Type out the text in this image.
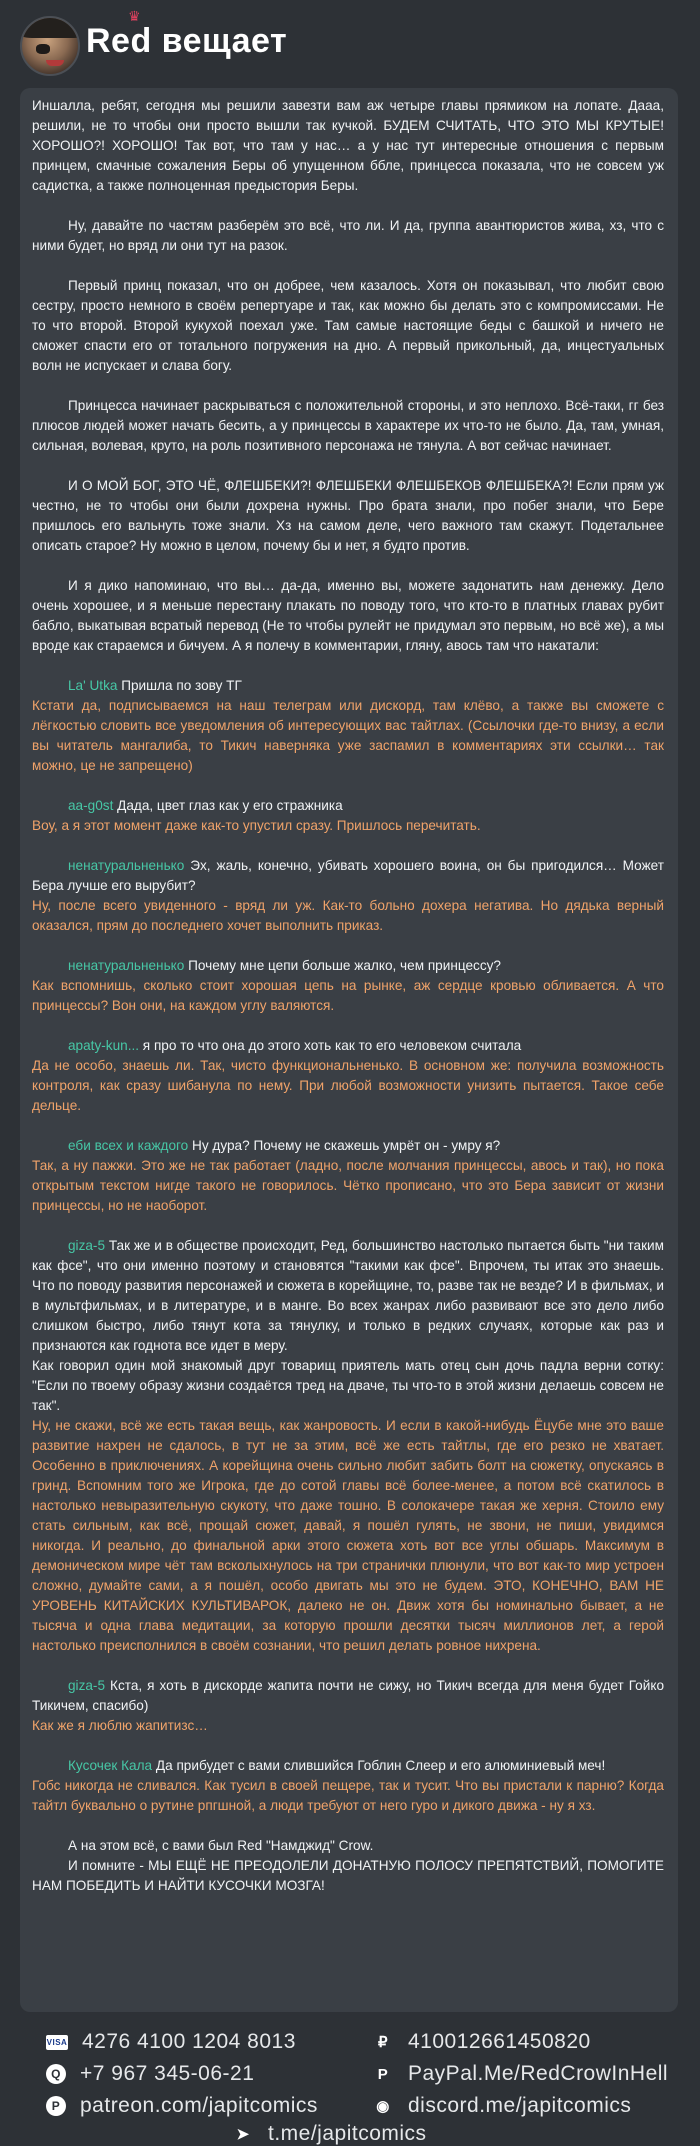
♛
Red вещает

Иншалла, ребят, сегодня мы решили завезти вам аж четыре главы прямиком на лопате. Дааа, решили, не то чтобы они просто вышли так кучкой. БУДЕМ СЧИТАТЬ, ЧТО ЭТО МЫ КРУТЫЕ! ХОРОШО?! ХОРОШО! Так вот, что там у нас… а у нас тут интересные отношения с первым принцем, смачные сожаления Беры об упущенном ббле, принцесса показала, что не совсем уж садистка, а также полноценная предыстория Беры.

Ну, давайте по частям разберём это всё, что ли. И да, группа авантюристов жива, хз, что с ними будет, но вряд ли они тут на разок.

Первый принц показал, что он добрее, чем казалось. Хотя он показывал, что любит свою сестру, просто немного в своём репертуаре и так, как можно бы делать это с компромиссами. Не то что второй. Второй кукухой поехал уже. Там самые настоящие беды с башкой и ничего не сможет спасти его от тотального погружения на дно. А первый прикольный, да, инцестуальных волн не испускает и слава богу.

Принцесса начинает раскрываться с положительной стороны, и это неплохо. Всё-таки, гг без плюсов людей может начать бесить, а у принцессы в характере их что-то не было. Да, там, умная, сильная, волевая, круто, на роль позитивного персонажа не тянула. А вот сейчас начинает.

И О МОЙ БОГ, ЭТО ЧЁ, ФЛЕШБЕКИ?! ФЛЕШБЕКИ ФЛЕШБЕКОВ ФЛЕШБЕКА?! Если прям уж честно, не то чтобы они были дохрена нужны. Про брата знали, про побег знали, что Бере пришлось его вальнуть тоже знали. Хз на самом деле, чего важного там скажут. Подетальнее описать старое? Ну можно в целом, почему бы и нет, я будто против.

И я дико напоминаю, что вы… да-да, именно вы, можете задонатить нам денежку. Дело очень хорошее, и я меньше перестану плакать по поводу того, что кто-то в платных главах рубит бабло, выкатывая всратый перевод (Не то чтобы рулейт не придумал это первым, но всё же), а мы вроде как стараемся и бичуем. А я полечу в комментарии, гляну, авось там что накатали:

La' Utka Пришла по зову ТГ

Кстати да, подписываемся на наш телеграм или дискорд, там клёво, а также вы сможете с лёгкостью словить все уведомления об интересующих вас тайтлах. (Ссылочки где-то внизу, а если вы читатель мангалиба, то Тикич наверняка уже заспамил в комментариях эти ссылки… так можно, це не запрещено)

aa-g0st Дада, цвет глаз как у его стражника

Воу, а я этот момент даже как-то упустил сразу. Пришлось перечитать.

ненатуральненько Эх, жаль, конечно, убивать хорошего воина, он бы пригодился… Может Бера лучше его вырубит?

Ну, после всего увиденного - вряд ли уж. Как-то больно дохера негатива. Но дядька верный оказался, прям до последнего хочет выполнить приказ.

ненатуральненько Почему мне цепи больше жалко, чем принцессу?

Как вспомнишь, сколько стоит хорошая цепь на рынке, аж сердце кровью обливается. А что принцессы? Вон они, на каждом углу валяются.

apaty-kun... я про то что она до этого хоть как то его человеком считала

Да не особо, знаешь ли. Так, чисто функциональненько. В основном же: получила возможность контроля, как сразу шибанула по нему. При любой возможности унизить пытается. Такое себе дельце.

еби всех и каждого Ну дура? Почему не скажешь умрёт он - умру я?

Так, а ну пажжи. Это же не так работает (ладно, после молчания принцессы, авось и так), но пока открытым текстом нигде такого не говорилось. Чётко прописано, что это Бера зависит от жизни принцессы, но не наоборот.

giza-5 Так же и в обществе происходит, Ред, большинство настолько пытается быть "ни таким как фсе", что они именно поэтому и становятся "такими как фсе". Впрочем, ты итак это знаешь. Что по поводу развития персонажей и сюжета в корейщине, то, разве так не везде? И в фильмах, и в мультфильмах, и в литературе, и в манге. Во всех жанрах либо развивают все это дело либо слишком быстро, либо тянут кота за тянулку, и только в редких случаях, которые как раз и признаются как годнота все идет в меру.

Как говорил один мой знакомый друг товарищ приятель мать отец сын дочь падла верни сотку: "Если по твоему образу жизни создаётся тред на дваче, ты что-то в этой жизни делаешь совсем не так".

Ну, не скажи, всё же есть такая вещь, как жанровость. И если в какой-нибудь Ёцубе мне это ваше развитие нахрен не сдалось, в тут не за этим, всё же есть тайтлы, где его резко не хватает. Особенно в приключениях. А корейщина очень сильно любит забить болт на сюжетку, опускаясь в гринд. Вспомним того же Игрока, где до сотой главы всё более-менее, а потом всё скатилось в настолько невыразительную скукоту, что даже тошно. В солокачере такая же херня. Стоило ему стать сильным, как всё, прощай сюжет, давай, я пошёл гулять, не звони, не пиши, увидимся никогда. И реально, до финальной арки этого сюжета хоть вот все углы обшарь. Максимум в демоническом мире чёт там всколыхнулось на три странички плюнули, что вот как-то мир устроен сложно, думайте сами, а я пошёл, особо двигать мы это не будем. ЭТО, КОНЕЧНО, ВАМ НЕ УРОВЕНЬ КИТАЙСКИХ КУЛЬТИВАРОК, далеко не он. Движ хотя бы номинально бывает, а не тысяча и одна глава медитации, за которую прошли десятки тысяч миллионов лет, а герой настолько преисполнился в своём сознании, что решил делать ровное нихрена.

giza-5 Кста, я хоть в дискорде жапита почти не сижу, но Тикич всегда для меня будет Гойко Тикичем, спасибо)

Как же я люблю жапитизс…

Кусочек Кала Да прибудет с вами слившийся Гоблин Слеер и его алюминиевый меч!

Гобс никогда не сливался. Как тусил в своей пещере, так и тусит. Что вы пристали к парню? Когда тайтл буквально о рутине рпгшной, а люди требуют от него гуро и дикого движа - ну я хз.

А на этом всё, с вами был Red "Намджид" Crow.

И помните - МЫ ЕЩЁ НЕ ПРЕОДОЛЕЛИ ДОНАТНУЮ ПОЛОСУ ПРЕПЯТСТВИЙ, ПОМОГИТЕ НАМ ПОБЕДИТЬ И НАЙТИ КУСОЧКИ МОЗГА!

VISA 4276 4100 1204 8013
Q +7 967 345-06-21
P patreon.com/japitcomics
₽ 410012661450820
P PayPal.Me/RedCrowInHell
◉ discord.me/japitcomics
➤ t.me/japitcomics
